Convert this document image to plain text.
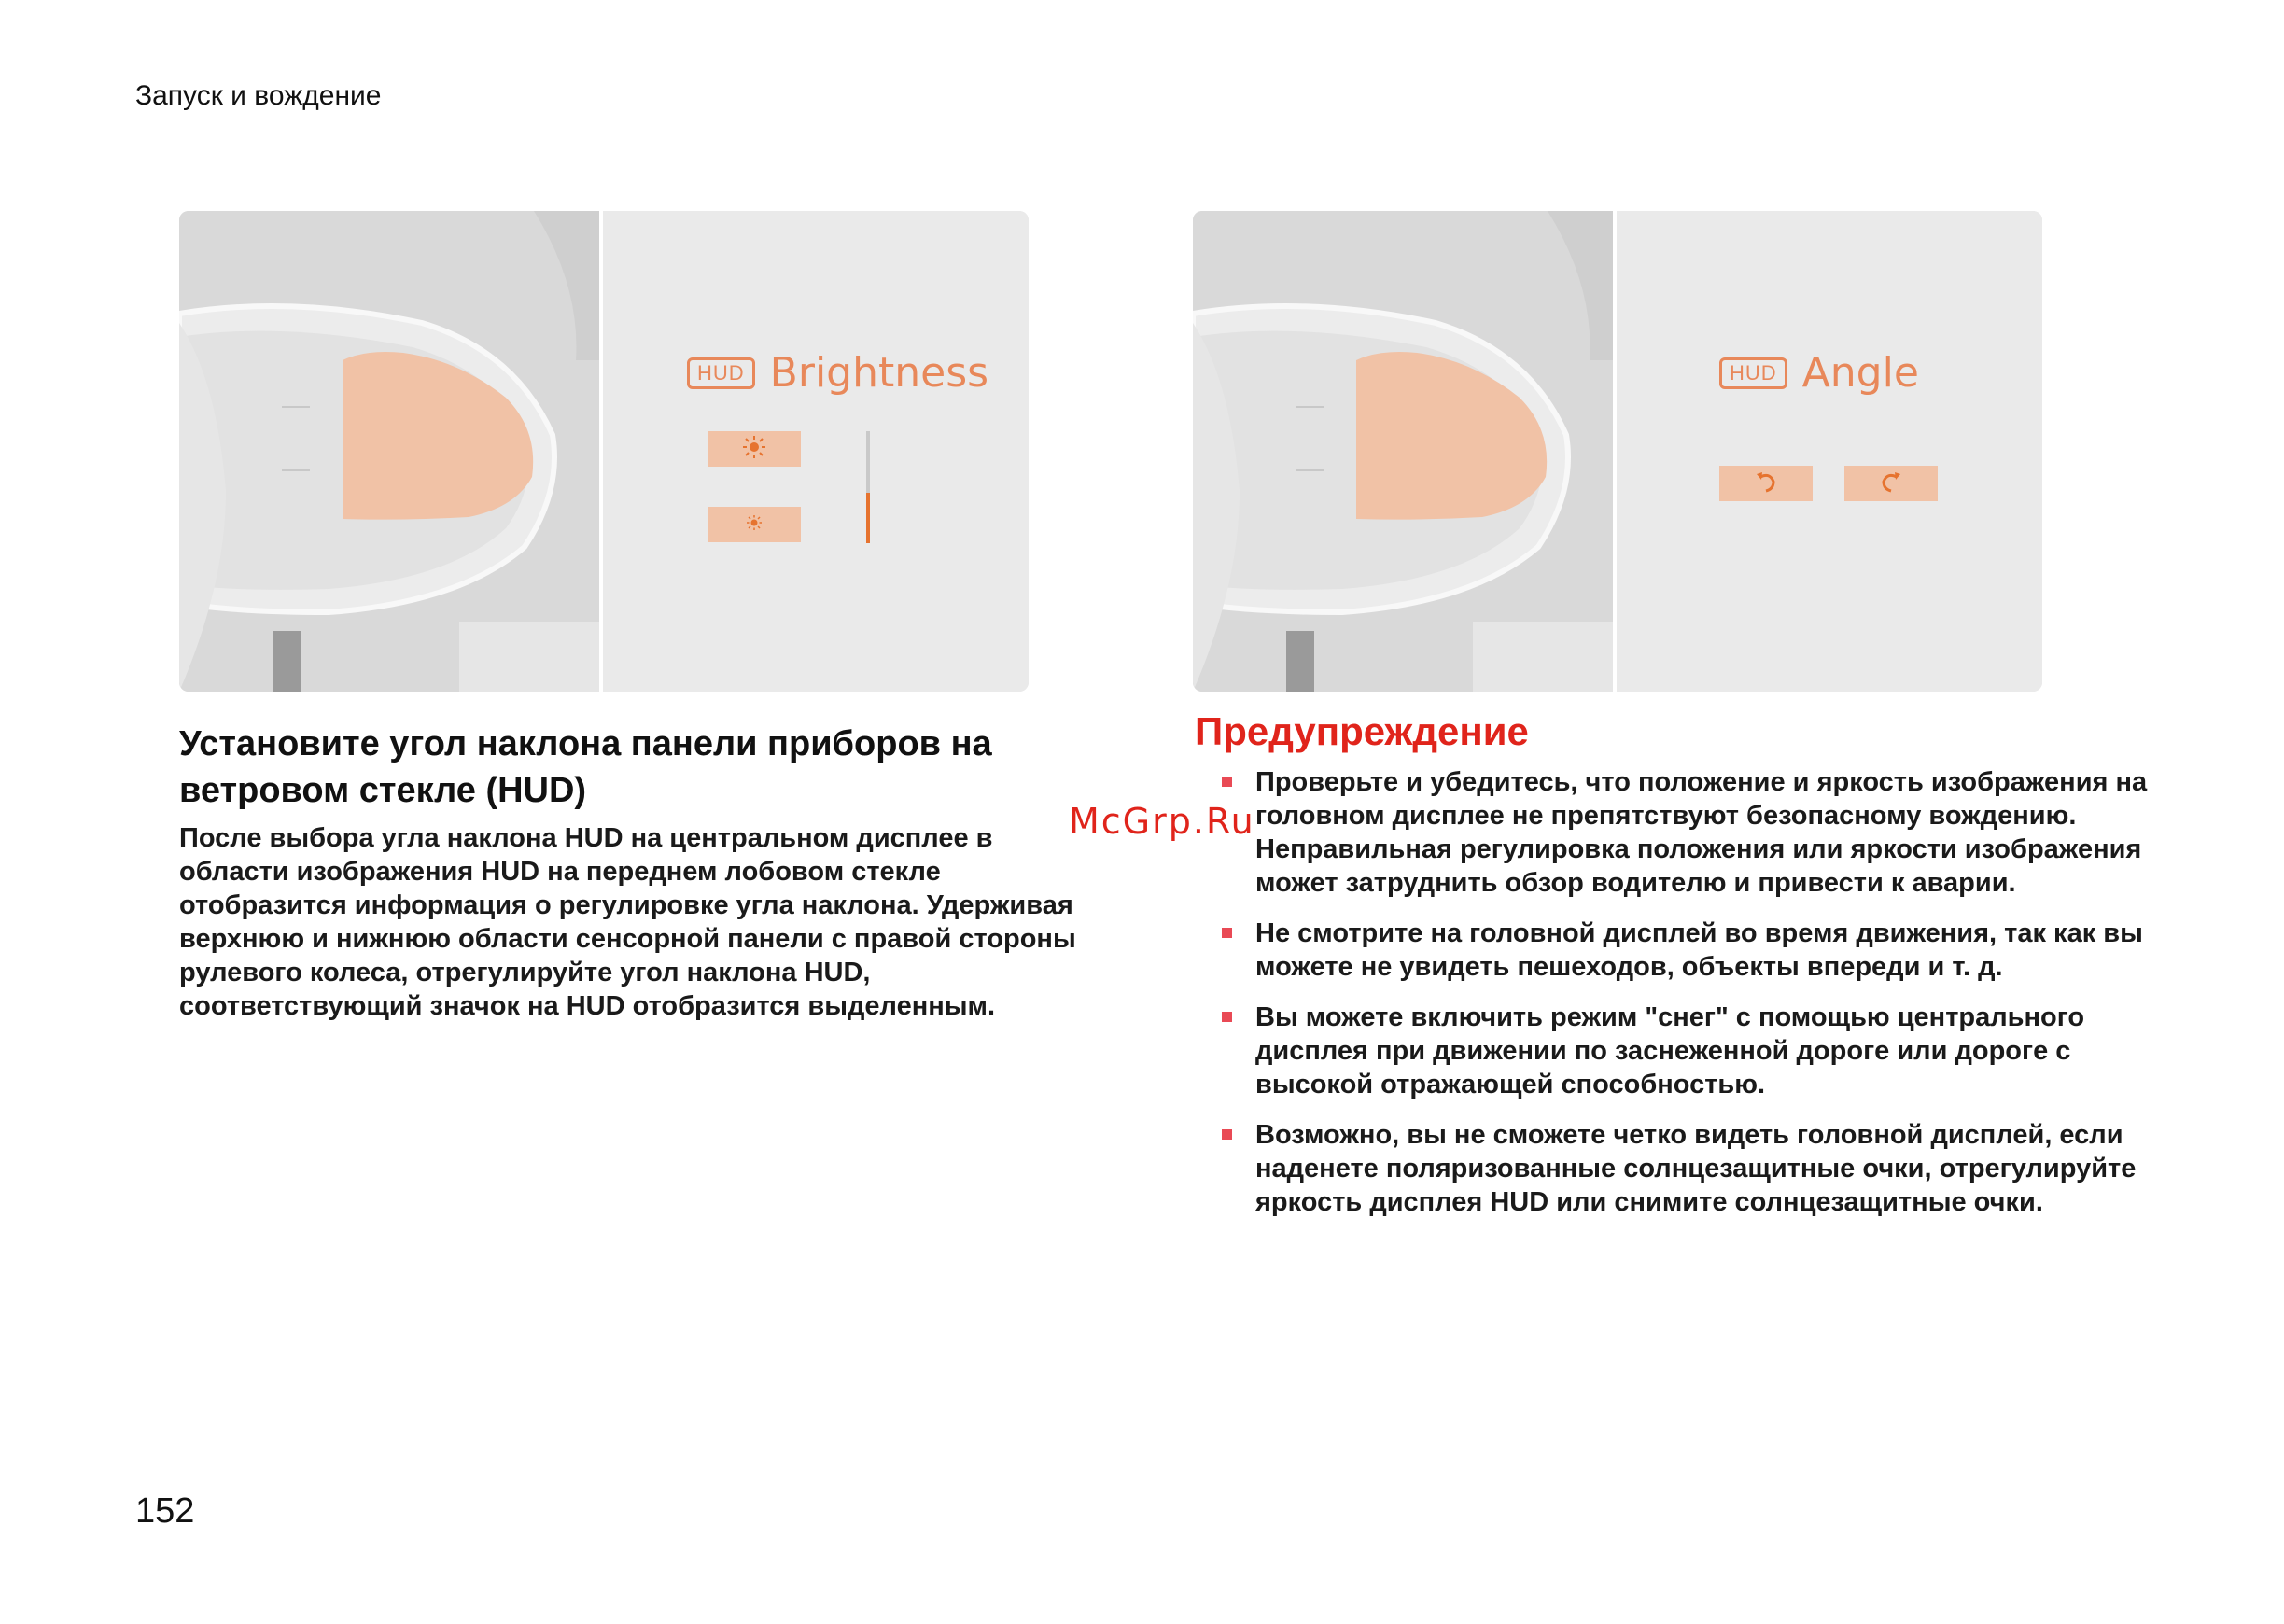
Запуск и вождение
HUD Brightness	HUD Angle
Установите угол наклона панели приборов на ветровом стекле (HUD)

После выбора угла наклона HUD на центральном дисплее в области изображения HUD на переднем лобовом стекле отобразится информация о регулировке угла наклона. Удерживая верхнюю и нижнюю области сенсорной панели с правой стороны рулевого колеса, отрегулируйте угол наклона HUD, соответствующий значок на HUD отобразится выделенным.

Предупреждение
Проверьте и убедитесь, что положение и яркость изображения на головном дисплее не препятствуют безопасному вождению. Неправильная регулировка положения или яркости изображения может затруднить обзор водителю и привести к аварии.
Не смотрите на головной дисплей во время движения, так как вы можете не увидеть пешеходов, объекты впереди и т. д.
Вы можете включить режим "снег" с помощью центрального дисплея при движении по заснеженной дороге или дороге с высокой отражающей способностью.
Возможно, вы не сможете четко видеть головной дисплей, если наденете поляризованные солнцезащитные очки, отрегулируйте яркость дисплея HUD или снимите солнцезащитные очки.
McGrp.Ru
152
